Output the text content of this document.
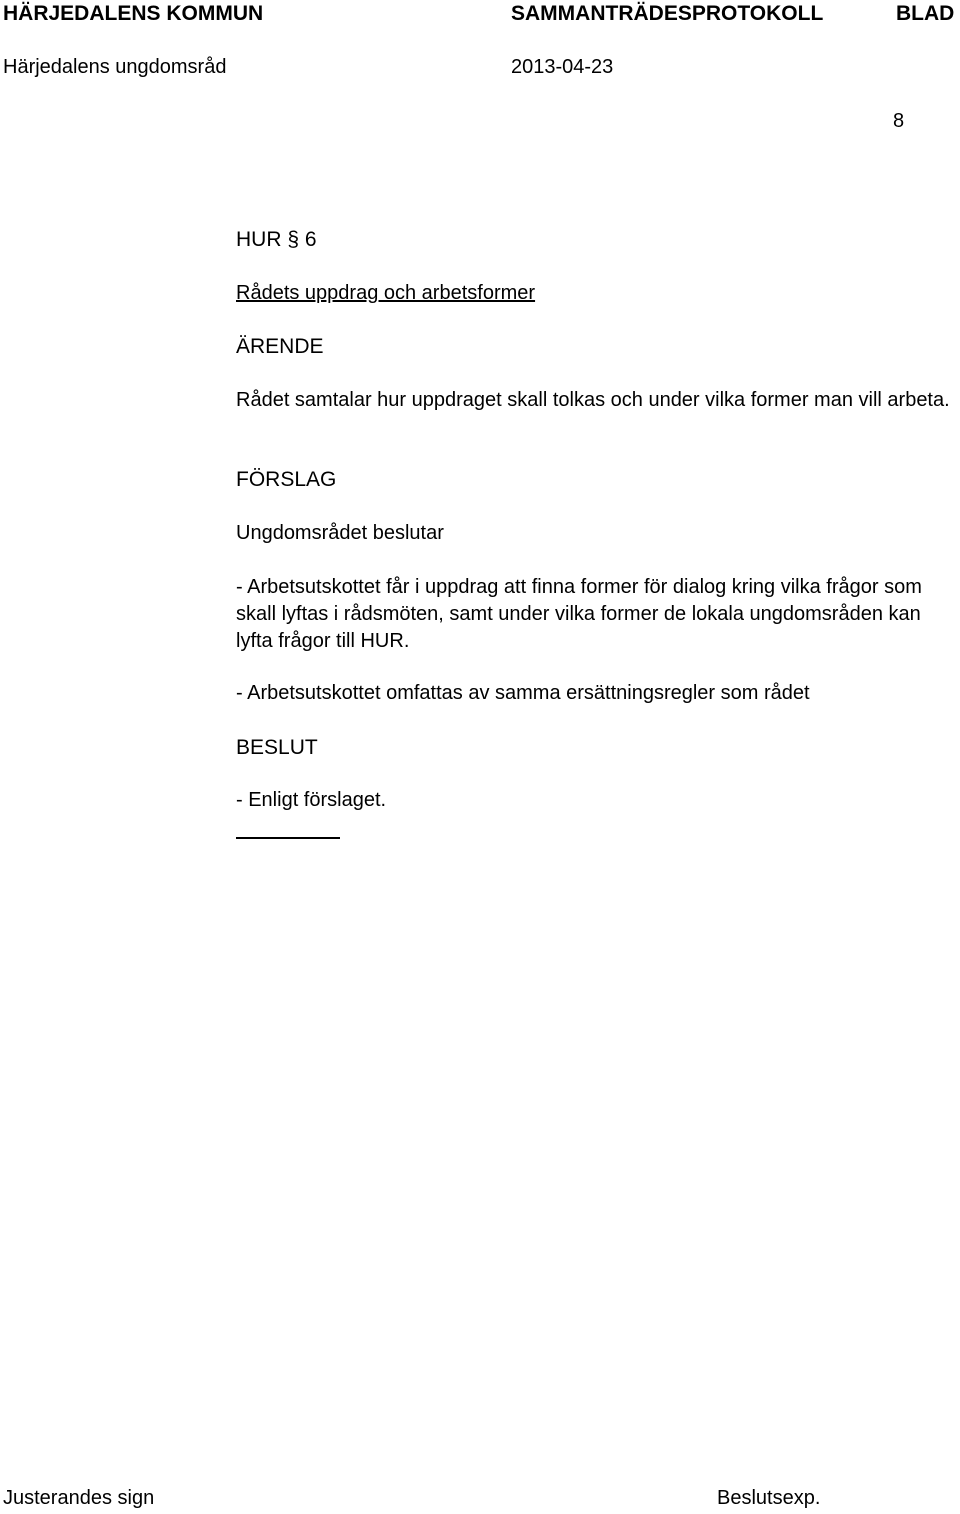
HÄRJEDALENS KOMMUN	SAMMANTRÄDESPROTOKOLL	BLAD
Härjedalens ungdomsråd	2013-04-23
8
HUR § 6
Rådets uppdrag och arbetsformer
ÄRENDE
Rådet samtalar hur uppdraget skall tolkas och under vilka former man vill arbeta.
FÖRSLAG
Ungdomsrådet beslutar
- Arbetsutskottet får i uppdrag att finna former för dialog kring vilka frågor som skall lyftas i rådsmöten, samt under vilka former de lokala ungdomsråden kan lyfta frågor till HUR.
- Arbetsutskottet omfattas av samma ersättningsregler som rådet
BESLUT
- Enligt förslaget.
Justerandes sign	Beslutsexp.
